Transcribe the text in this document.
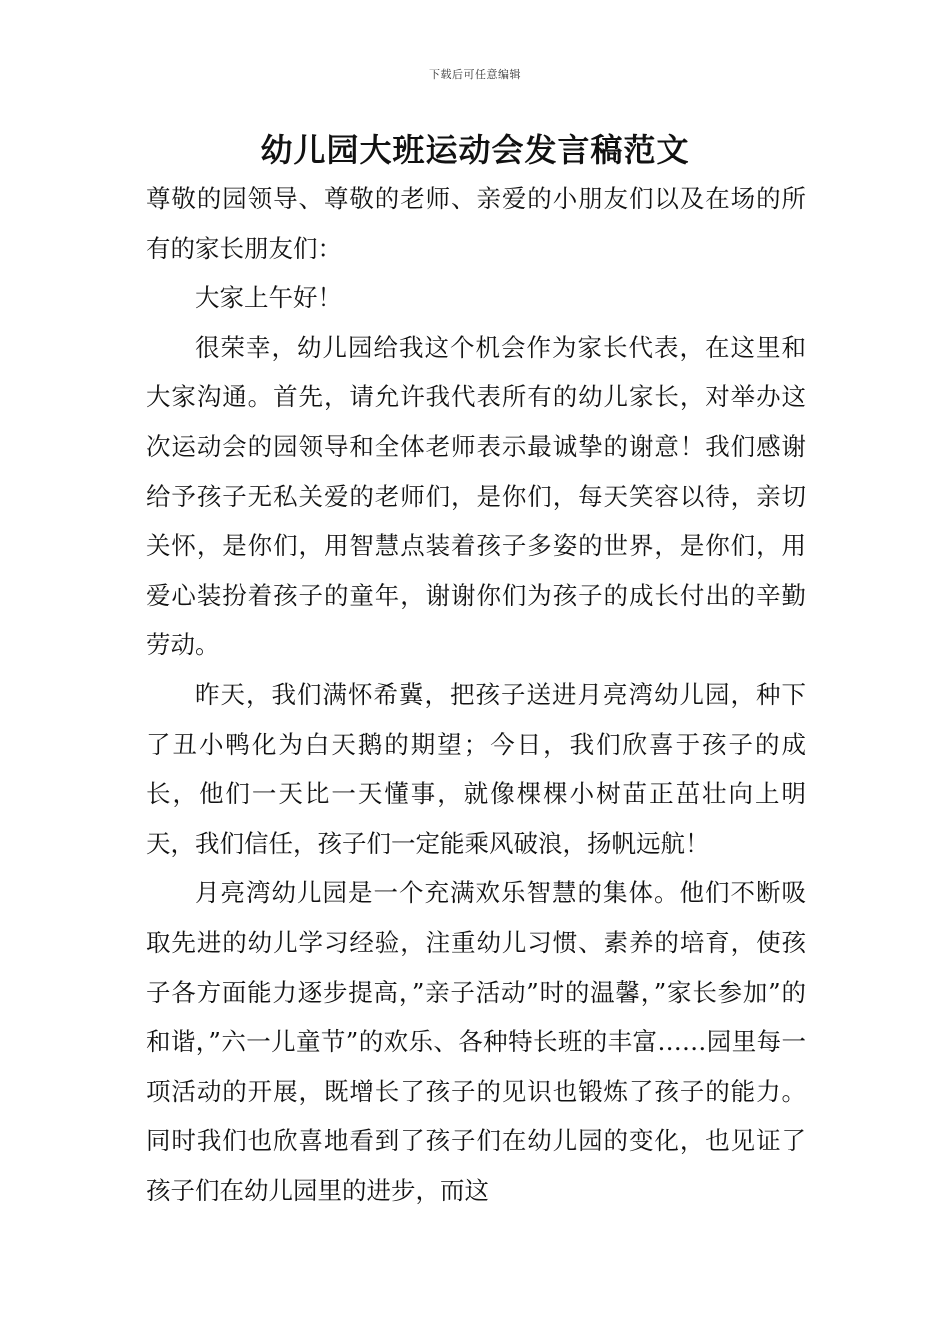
下载后可任意编辑
幼儿园大班运动会发言稿范文

尊敬的园领导、尊敬的老师、亲爱的小朋友们以及在场的所有的家长朋友们：

大家上午好！

很荣幸，幼儿园给我这个机会作为家长代表，在这里和大家沟通。首先，请允许我代表所有的幼儿家长，对举办这次运动会的园领导和全体老师表示最诚挚的谢意！我们感谢给予孩子无私关爱的老师们，是你们，每天笑容以待，亲切关怀，是你们，用智慧点装着孩子多姿的世界，是你们，用爱心装扮着孩子的童年，谢谢你们为孩子的成长付出的辛勤劳动。

昨天，我们满怀希冀，把孩子送进月亮湾幼儿园，种下了丑小鸭化为白天鹅的期望；今日，我们欣喜于孩子的成长，他们一天比一天懂事，就像棵棵小树苗正茁壮向上明天，我们信任，孩子们一定能乘风破浪，扬帆远航！

月亮湾幼儿园是一个充满欢乐智慧的集体。他们不断吸取先进的幼儿学习经验，注重幼儿习惯、素养的培育，使孩子各方面能力逐步提高，”亲子活动”时的温馨，”家长参加”的和谐，”六一儿童节”的欢乐、各种特长班的丰富……园里每一项活动的开展，既增长了孩子的见识也锻炼了孩子的能力。同时我们也欣喜地看到了孩子们在幼儿园的变化，也见证了孩子们在幼儿园里的进步，而这
